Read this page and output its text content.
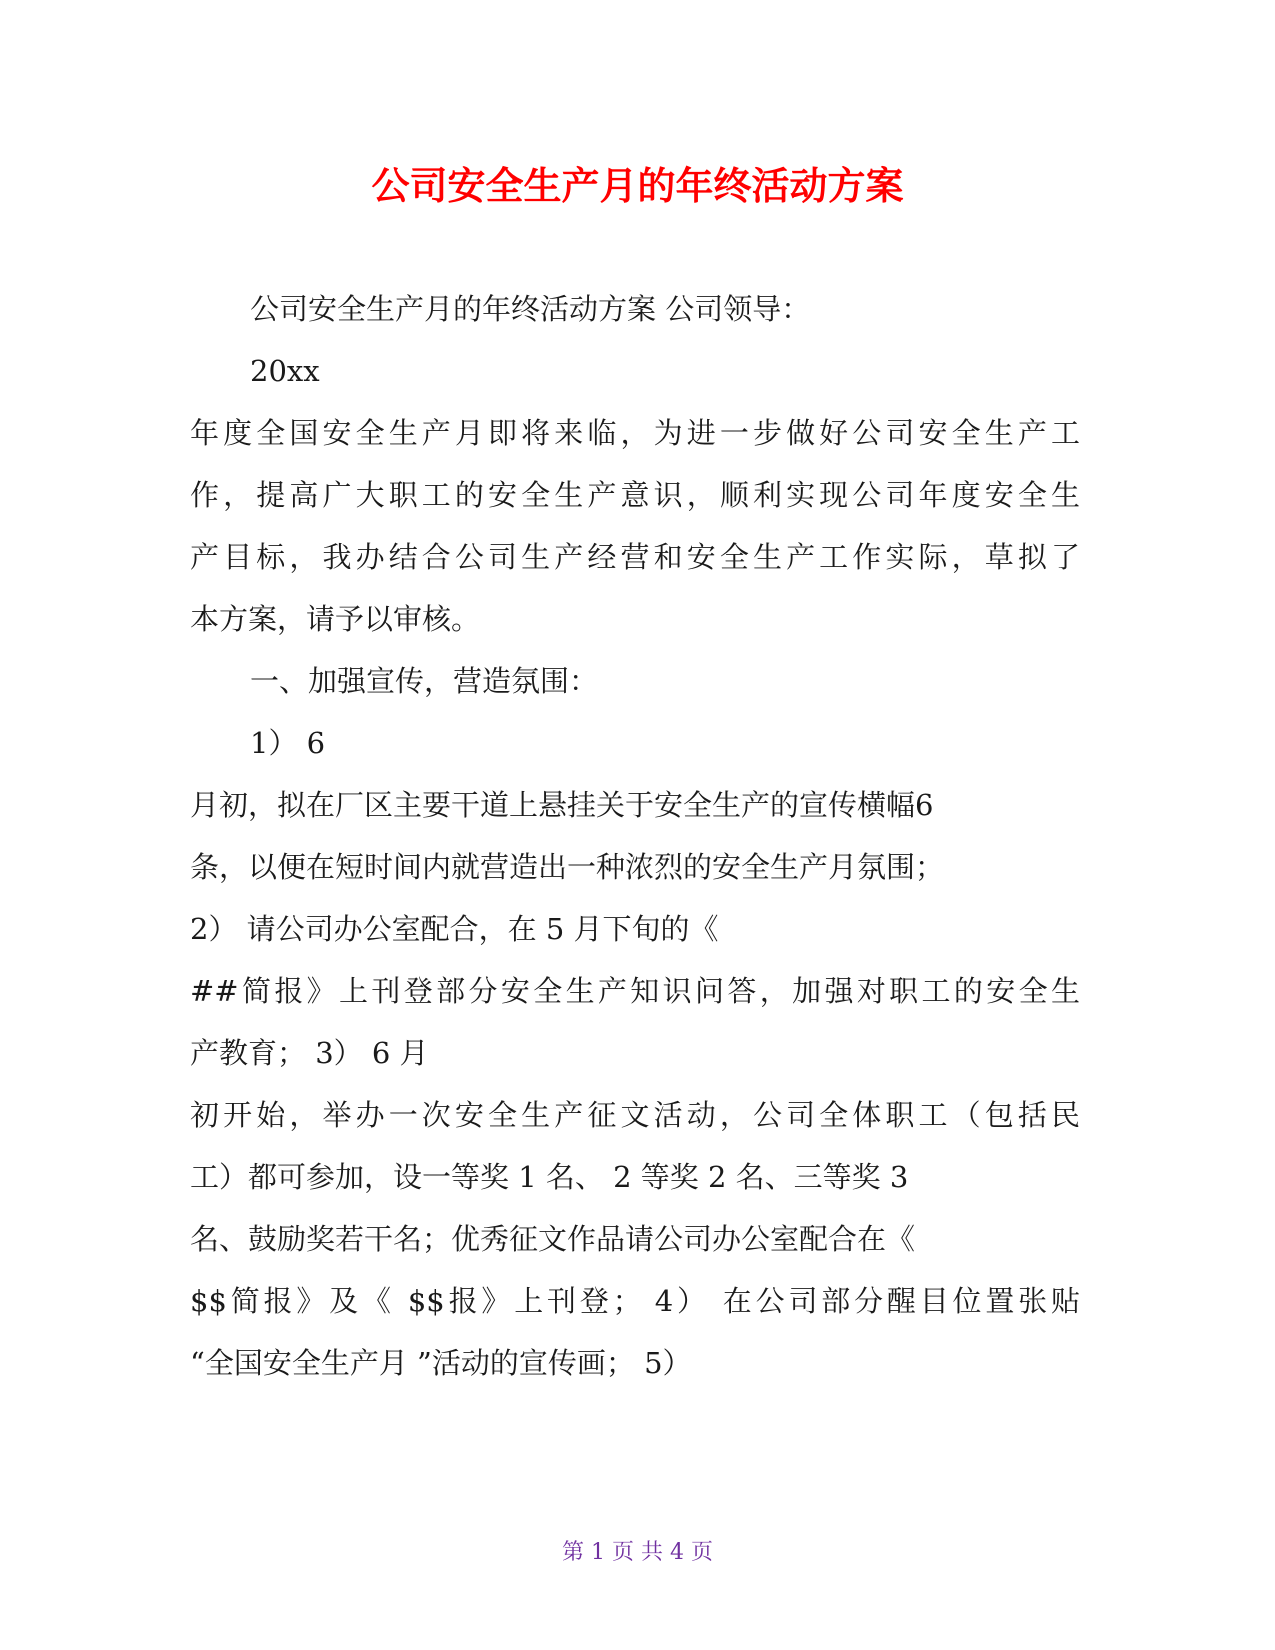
公司安全生产月的年终活动方案
公司安全生产月的年终活动方案 公司领导：
20xx
年度全国安全生产月即将来临，为进一步做好公司安全生产工
作，提高广大职工的安全生产意识，顺利实现公司年度安全生
产目标，我办结合公司生产经营和安全生产工作实际，草拟了
本方案，请予以审核。
一、加强宣传，营造氛围：
1） 6
月初，拟在厂区主要干道上悬挂关于安全生产的宣传横幅6
条，以便在短时间内就营造出一种浓烈的安全生产月氛围；
2） 请公司办公室配合，在 5 月下旬的《
##简报》上刊登部分安全生产知识问答，加强对职工的安全生
产教育； 3） 6 月
初开始，举办一次安全生产征文活动，公司全体职工（包括民
工）都可参加，设一等奖 1 名、 2 等奖 2 名、三等奖 3
名、鼓励奖若干名；优秀征文作品请公司办公室配合在《
$$简报》及《 $$报》上刊登； 4） 在公司部分醒目位置张贴
“全国安全生产月 ”活动的宣传画； 5）
第 1 页 共 4 页
